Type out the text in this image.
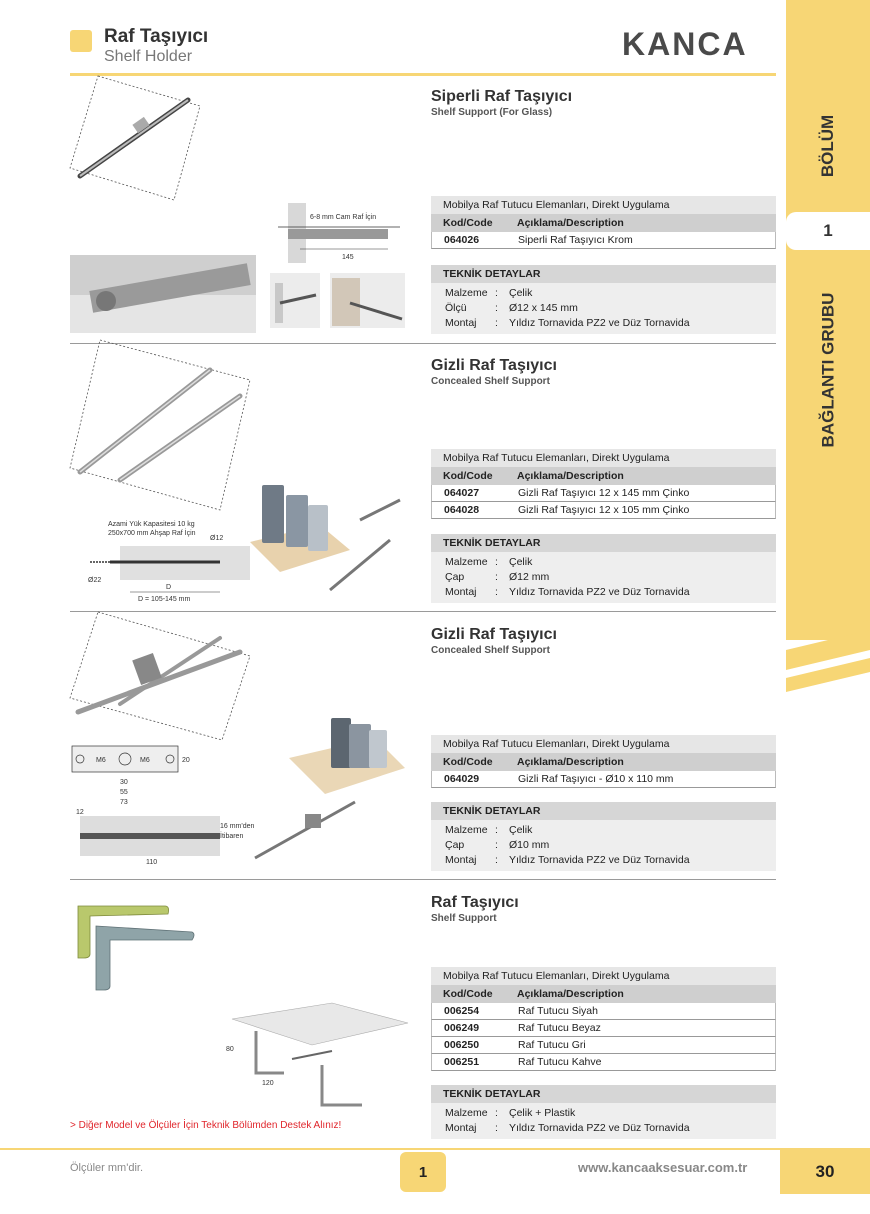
Raf Taşıyıcı
Shelf Holder	KANCA
BÖLÜM
1
BAĞLANTI GRUBU
Siperli Raf Taşıyıcı
Shelf Support (For Glass)
6-8 mm Cam Raf İçin
145
Mobilya Raf Tutucu Elemanları, Direkt Uygulama
Kod/Code	Açıklama/Description
064026	Siperli Raf Taşıyıcı Krom
TEKNİK DETAYLAR
Malzeme :	Çelik
Ölçü	:	Ø12 x 145 mm
Montaj	:	Yıldız Tornavida PZ2 ve Düz Tornavida
Gizli Raf Taşıyıcı
Concealed Shelf Support
Azami Yük Kapasitesi 10 kg
250x700 mm Ahşap Raf İçin
Ø12
Ø22
D
D = 105-145 mm
Mobilya Raf Tutucu Elemanları, Direkt Uygulama
Kod/Code	Açıklama/Description
064027	Gizli Raf Taşıyıcı 12 x 145 mm Çinko
064028	Gizli Raf Taşıyıcı 12 x 105 mm Çinko
TEKNİK DETAYLAR
Malzeme :	Çelik
Çap	:	Ø12 mm
Montaj	:	Yıldız Tornavida PZ2 ve Düz Tornavida
Gizli Raf Taşıyıcı
Concealed Shelf Support
M6	M6	20
30
55
73
12
110
16 mm'den
İtibaren
Mobilya Raf Tutucu Elemanları, Direkt Uygulama
Kod/Code	Açıklama/Description
064029	Gizli Raf Taşıyıcı - Ø10 x 110 mm
TEKNİK DETAYLAR
Malzeme :	Çelik
Çap	:	Ø10 mm
Montaj	:	Yıldız Tornavida PZ2 ve Düz Tornavida
Raf Taşıyıcı
Shelf Support
80
120
Mobilya Raf Tutucu Elemanları, Direkt Uygulama
Kod/Code	Açıklama/Description
006254	Raf Tutucu Siyah
006249	Raf Tutucu Beyaz
006250	Raf Tutucu Gri
006251	Raf Tutucu Kahve
TEKNİK DETAYLAR
Malzeme :	Çelik + Plastik
Montaj	:	Yıldız Tornavida PZ2 ve Düz Tornavida
> Diğer Model ve Ölçüler İçin Teknik Bölümden Destek Alınız!
Ölçüler mm'dir.	1	www.kancaaksesuar.com.tr	30
